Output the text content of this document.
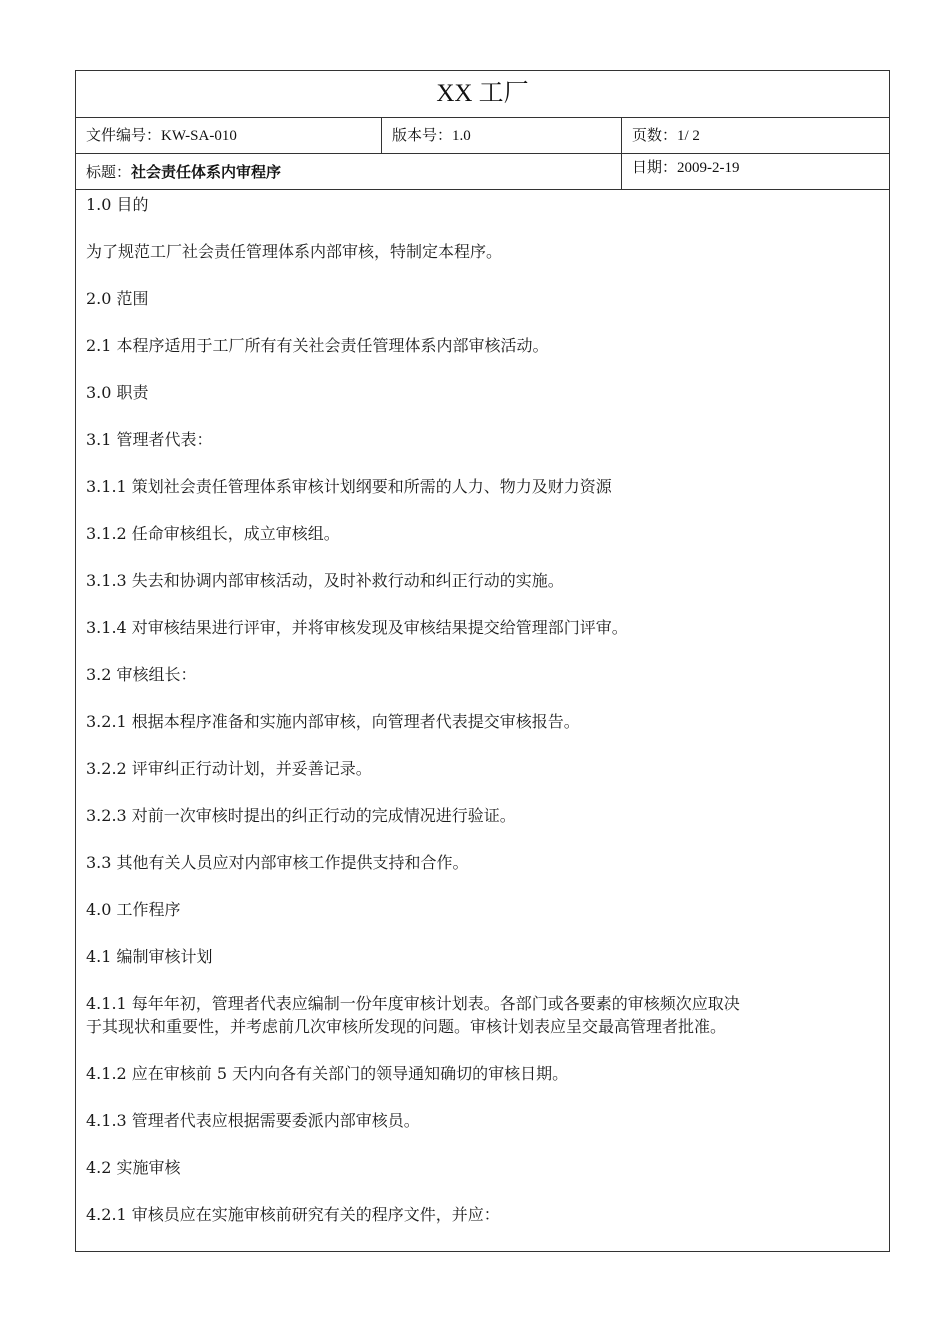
XX 工厂
文件编号：KW-SA-010	版本号：1.0	页数：1/ 2
标题：社会责任体系内审程序	日期：2009-2-19

1.0 目的

为了规范工厂社会责任管理体系内部审核，特制定本程序。

2.0 范围

2.1 本程序适用于工厂所有有关社会责任管理体系内部审核活动。

3.0 职责

3.1 管理者代表：

3.1.1 策划社会责任管理体系审核计划纲要和所需的人力、物力及财力资源

3.1.2 任命审核组长，成立审核组。

3.1.3 失去和协调内部审核活动，及时补救行动和纠正行动的实施。

3.1.4 对审核结果进行评审，并将审核发现及审核结果提交给管理部门评审。

3.2 审核组长：

3.2.1 根据本程序准备和实施内部审核，向管理者代表提交审核报告。

3.2.2 评审纠正行动计划，并妥善记录。

3.2.3 对前一次审核时提出的纠正行动的完成情况进行验证。

3.3 其他有关人员应对内部审核工作提供支持和合作。

4.0 工作程序

4.1 编制审核计划

4.1.1 每年年初，管理者代表应编制一份年度审核计划表。各部门或各要素的审核频次应取决

于其现状和重要性，并考虑前几次审核所发现的问题。审核计划表应呈交最高管理者批准。

4.1.2 应在审核前 5 天内向各有关部门的领导通知确切的审核日期。

4.1.3 管理者代表应根据需要委派内部审核员。

4.2 实施审核

4.2.1 审核员应在实施审核前研究有关的程序文件，并应：
